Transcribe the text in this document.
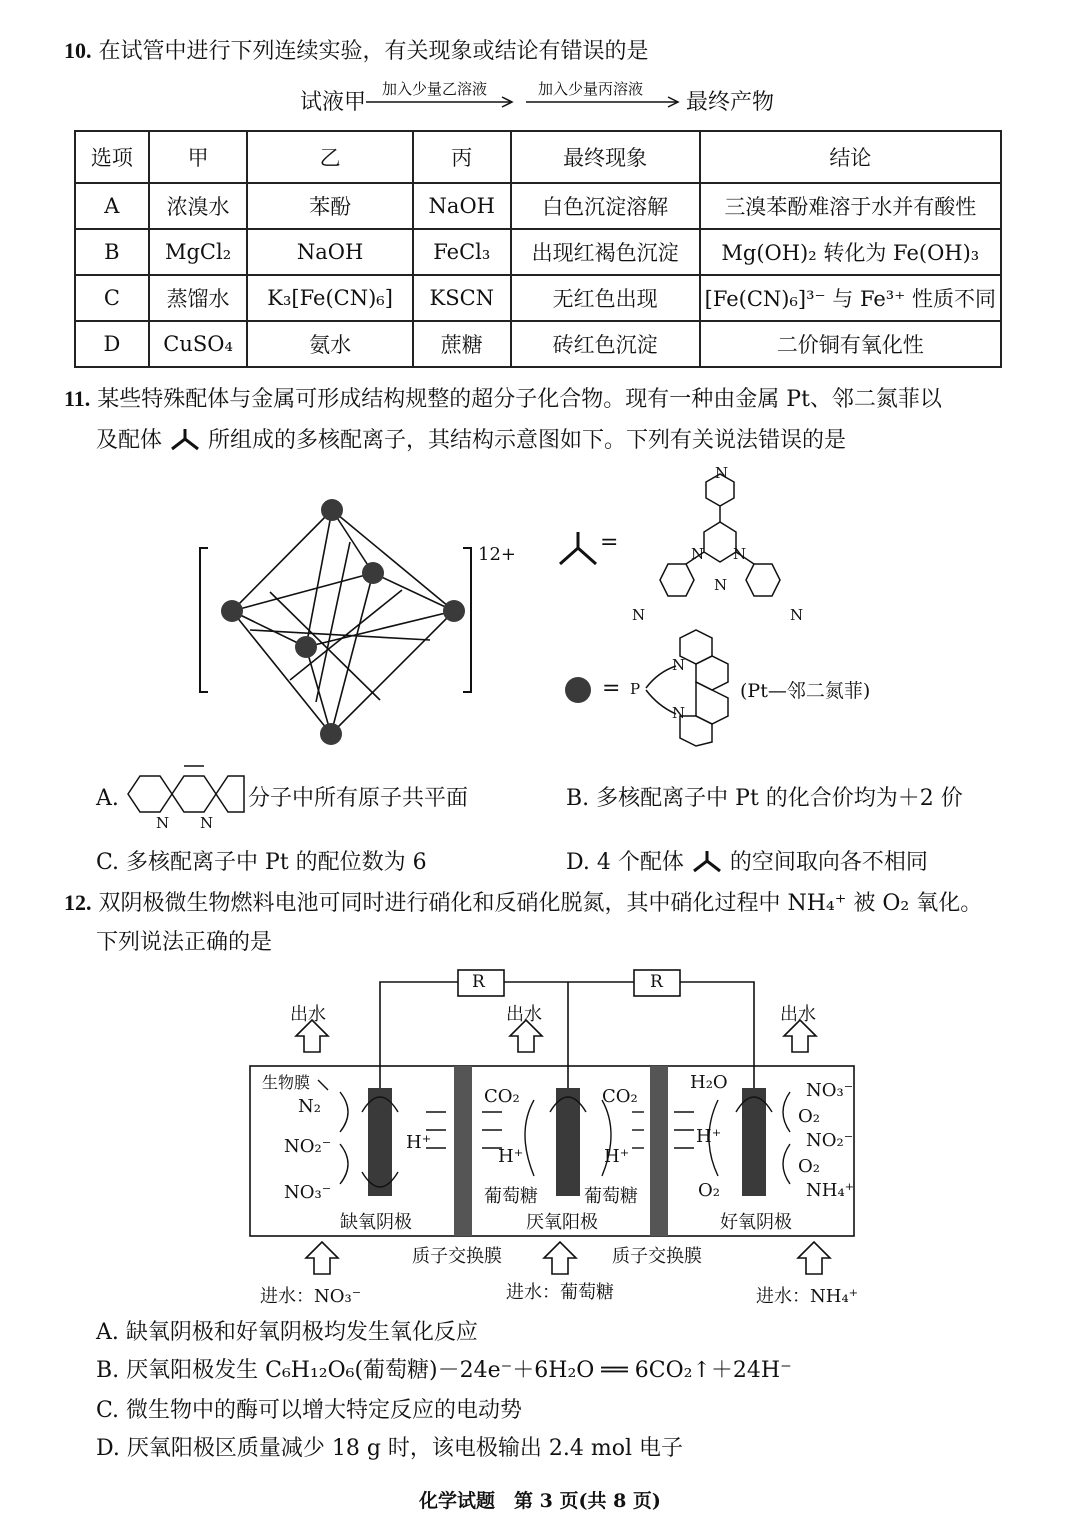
10. 在试管中进行下列连续实验，有关现象或结论有错误的是
试液甲
加入少量乙溶液	加入少量丙溶液
最终产物
选项	甲	乙	丙	最终现象	结论
A	浓溴水	苯酚	NaOH	白色沉淀溶解	三溴苯酚难溶于水并有酸性
B	MgCl₂	NaOH	FeCl₃	出现红褐色沉淀	Mg(OH)₂ 转化为 Fe(OH)₃
C	蒸馏水	K₃[Fe(CN)₆]	KSCN	无红色出现	[Fe(CN)₆]³⁻ 与 Fe³⁺ 性质不同
D	CuSO₄	氨水	蔗糖	砖红色沉淀	二价铜有氧化性
11. 某些特殊配体与金属可形成结构规整的超分子化合物。现有一种由金属 Pt、邻二氮菲以
及配体 所组成的多核配离子，其结构示意图如下。下列有关说法错误的是
12+	=
N
N N
N
N	N
= P
N
N
(Pt—邻二氮菲)
A.
N N
分子中所有原子共平面	B. 多核配离子中 Pt 的化合价均为＋2 价
C. 多核配离子中 Pt 的配位数为 6	D. 4 个配体 的空间取向各不相同
12. 双阴极微生物燃料电池可同时进行硝化和反硝化脱氮，其中硝化过程中 NH₄⁺ 被 O₂ 氧化。
下列说法正确的是
R	R
出水	出水	出水
生物膜
N₂
NO₂⁻
NO₃⁻
H⁺
缺氧阴极
CO₂	CO₂
H⁺	H⁺
葡萄糖	葡萄糖
厌氧阳极
H₂O
H⁺
O₂
NO₃⁻
O₂
NO₂⁻
O₂
NH₄⁺
好氧阴极
质子交换膜	质子交换膜
进水：NO₃⁻	进水：葡萄糖	进水：NH₄⁺
A. 缺氧阴极和好氧阴极均发生氧化反应
B. 厌氧阳极发生 C₆H₁₂O₆(葡萄糖)－24e⁻＋6H₂O ══ 6CO₂↑＋24H⁻
C. 微生物中的酶可以增大特定反应的电动势
D. 厌氧阳极区质量减少 18 g 时，该电极输出 2.4 mol 电子
化学试题　第 3 页(共 8 页)
